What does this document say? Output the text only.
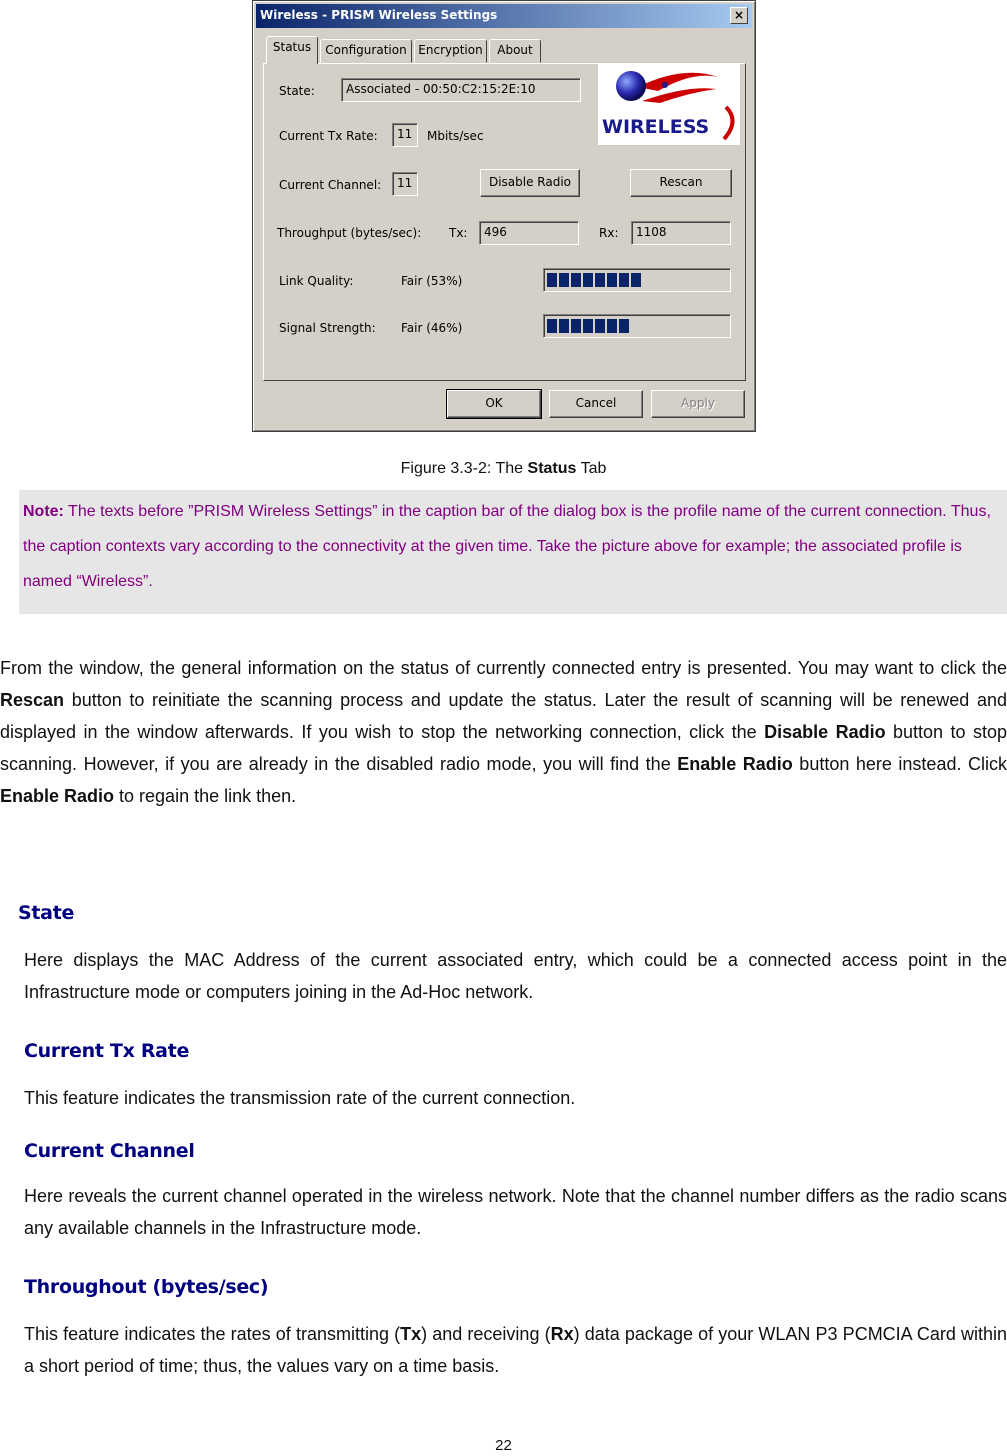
Wireless - PRISM Wireless Settings	×
Status	Configuration Encryption	About
State:	Associated - 00:50:C2:15:2E:10
Current Tx Rate:	11	Mbits/sec
Current Channel:	11	Disable Radio	Rescan
Throughput (bytes/sec): Tx:	496	Rx:	1108
Link Quality:	Fair (53%)
Signal Strength: Fair (46%)
WIRELESS
OK	Cancel	Apply
Figure 3.3-2: The Status Tab
Note: The texts before ”PRISM Wireless Settings” in the caption bar of the dialog box is the profile name of the current connection. Thus, the caption contexts vary according to the connectivity at the given time. Take the picture above for example; the associated profile is named “Wireless”.
From the window, the general information on the status of currently connected entry is presented. You may want to click the Rescan button to reinitiate the scanning process and update the status. Later the result of scanning will be renewed and displayed in the window afterwards. If you wish to stop the networking connection, click the Disable Radio button to stop scanning. However, if you are already in the disabled radio mode, you will find the Enable Radio button here instead. Click Enable Radio to regain the link then.
State
Here displays the MAC Address of the current associated entry, which could be a connected access point in the Infrastructure mode or computers joining in the Ad-Hoc network.
Current Tx Rate
This feature indicates the transmission rate of the current connection.
Current Channel
Here reveals the current channel operated in the wireless network. Note that the channel number differs as the radio scans any available channels in the Infrastructure mode.
Throughout (bytes/sec)
This feature indicates the rates of transmitting (Tx) and receiving (Rx) data package of your WLAN P3 PCMCIA Card within a short period of time; thus, the values vary on a time basis.
22
